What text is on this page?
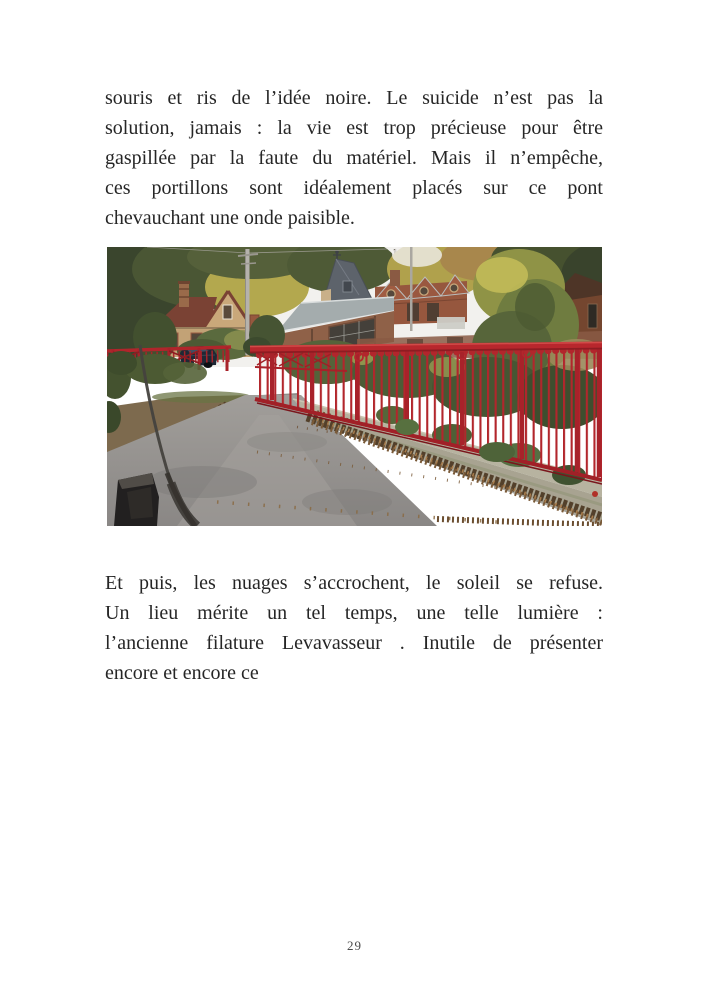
souris et ris de l’idée noire. Le suicide n’est pas la
solution, jamais : la vie est trop précieuse pour être
gaspillée par la faute du matériel. Mais il n’empêche,
ces portillons sont idéalement placés sur ce pont
chevauchant une onde paisible.
Et puis, les nuages s’accrochent, le soleil se refuse.
Un lieu mérite un tel temps, une telle lumière :
l’ancienne filature Levavasseur . Inutile de présenter
encore et encore ce
29
